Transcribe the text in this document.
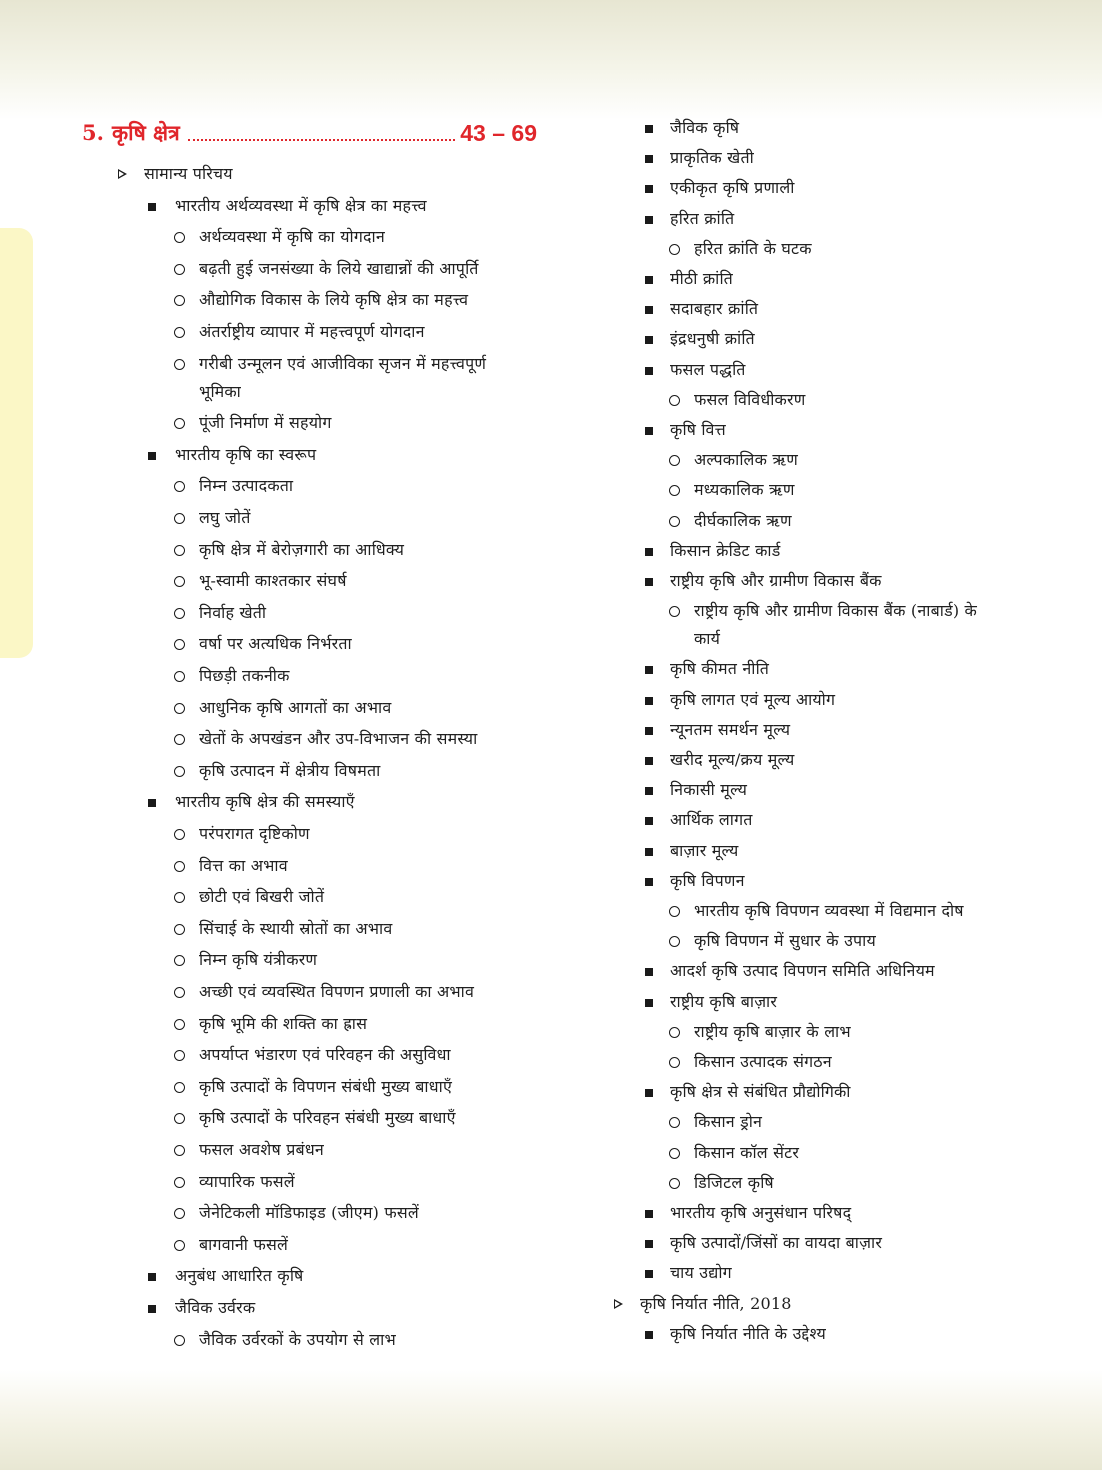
5. कृषि क्षेत्र	43 – 69
सामान्य परिचय
भारतीय अर्थव्यवस्था में कृषि क्षेत्र का महत्त्व
अर्थव्यवस्था में कृषि का योगदान
बढ़ती हुई जनसंख्या के लिये खाद्यान्नों की आपूर्ति
औद्योगिक विकास के लिये कृषि क्षेत्र का महत्त्व
अंतर्राष्ट्रीय व्यापार में महत्त्वपूर्ण योगदान
गरीबी उन्मूलन एवं आजीविका सृजन में महत्त्वपूर्ण
भूमिका
पूंजी निर्माण में सहयोग
भारतीय कृषि का स्वरूप
निम्न उत्पादकता
लघु जोतें
कृषि क्षेत्र में बेरोज़गारी का आधिक्य
भू-स्वामी काश्तकार संघर्ष
निर्वाह खेती
वर्षा पर अत्यधिक निर्भरता
पिछड़ी तकनीक
आधुनिक कृषि आगतों का अभाव
खेतों के अपखंडन और उप-विभाजन की समस्या
कृषि उत्पादन में क्षेत्रीय विषमता
भारतीय कृषि क्षेत्र की समस्याएँ
परंपरागत दृष्टिकोण
वित्त का अभाव
छोटी एवं बिखरी जोतें
सिंचाई के स्थायी स्रोतों का अभाव
निम्न कृषि यंत्रीकरण
अच्छी एवं व्यवस्थित विपणन प्रणाली का अभाव
कृषि भूमि की शक्ति का ह्रास
अपर्याप्त भंडारण एवं परिवहन की असुविधा
कृषि उत्पादों के विपणन संबंधी मुख्य बाधाएँ
कृषि उत्पादों के परिवहन संबंधी मुख्य बाधाएँ
फसल अवशेष प्रबंधन
व्यापारिक फसलें
जेनेटिकली मॉडिफाइड (जीएम) फसलें
बागवानी फसलें
अनुबंध आधारित कृषि
जैविक उर्वरक
जैविक उर्वरकों के उपयोग से लाभ
जैविक कृषि
प्राकृतिक खेती
एकीकृत कृषि प्रणाली
हरित क्रांति
हरित क्रांति के घटक
मीठी क्रांति
सदाबहार क्रांति
इंद्रधनुषी क्रांति
फसल पद्धति
फसल विविधीकरण
कृषि वित्त
अल्पकालिक ऋण
मध्यकालिक ऋण
दीर्घकालिक ऋण
किसान क्रेडिट कार्ड
राष्ट्रीय कृषि और ग्रामीण विकास बैंक
राष्ट्रीय कृषि और ग्रामीण विकास बैंक (नाबार्ड) के
कार्य
कृषि कीमत नीति
कृषि लागत एवं मूल्य आयोग
न्यूनतम समर्थन मूल्य
खरीद मूल्य/क्रय मूल्य
निकासी मूल्य
आर्थिक लागत
बाज़ार मूल्य
कृषि विपणन
भारतीय कृषि विपणन व्यवस्था में विद्यमान दोष
कृषि विपणन में सुधार के उपाय
आदर्श कृषि उत्पाद विपणन समिति अधिनियम
राष्ट्रीय कृषि बाज़ार
राष्ट्रीय कृषि बाज़ार के लाभ
किसान उत्पादक संगठन
कृषि क्षेत्र से संबंधित प्रौद्योगिकी
किसान ड्रोन
किसान कॉल सेंटर
डिजिटल कृषि
भारतीय कृषि अनुसंधान परिषद्
कृषि उत्पादों/जिंसों का वायदा बाज़ार
चाय उद्योग
कृषि निर्यात नीति, 2018
कृषि निर्यात नीति के उद्देश्य
